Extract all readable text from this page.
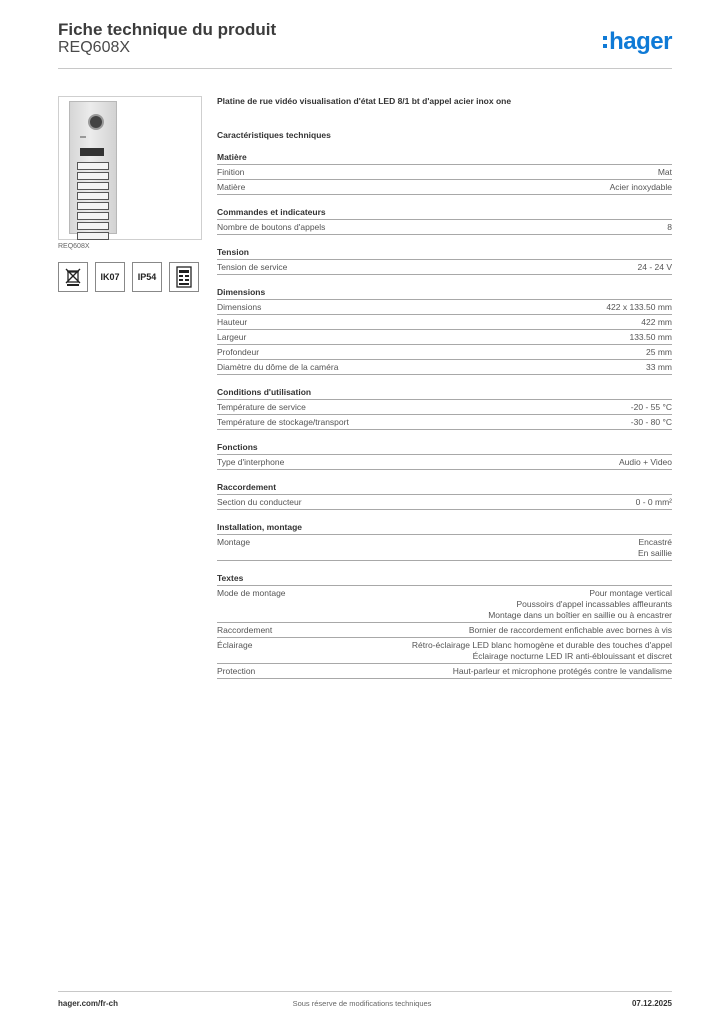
Fiche technique du produit
REQ608X	hager
REQ608X
IK07	IP54
Platine de rue vidéo visualisation d'état LED 8/1 bt d'appel acier inox one
Caractéristiques techniques
Matière
Finition	Mat
Matière	Acier inoxydable
Commandes et indicateurs
Nombre de boutons d'appels	8
Tension
Tension de service	24 - 24 V
Dimensions
Dimensions	422 x 133.50 mm
Hauteur	422 mm
Largeur	133.50 mm
Profondeur	25 mm
Diamètre du dôme de la caméra	33 mm
Conditions d'utilisation
Température de service	-20 - 55 °C
Température de stockage/transport	-30 - 80 °C
Fonctions
Type d'interphone	Audio + Video
Raccordement
Section du conducteur	0 - 0 mm²
Installation, montage
Montage	Encastré
En saillie
Textes
Mode de montage	Pour montage vertical
Poussoirs d'appel incassables affleurants
Montage dans un boîtier en saillie ou à encastrer
Raccordement	Bornier de raccordement enfichable avec bornes à vis
Éclairage	Rétro-éclairage LED blanc homogène et durable des touches d'appel
Éclairage nocturne LED IR anti-éblouissant et discret
Protection	Haut-parleur et microphone protégés contre le vandalisme
hager.com/fr-ch	Sous réserve de modifications techniques	07.12.2025
